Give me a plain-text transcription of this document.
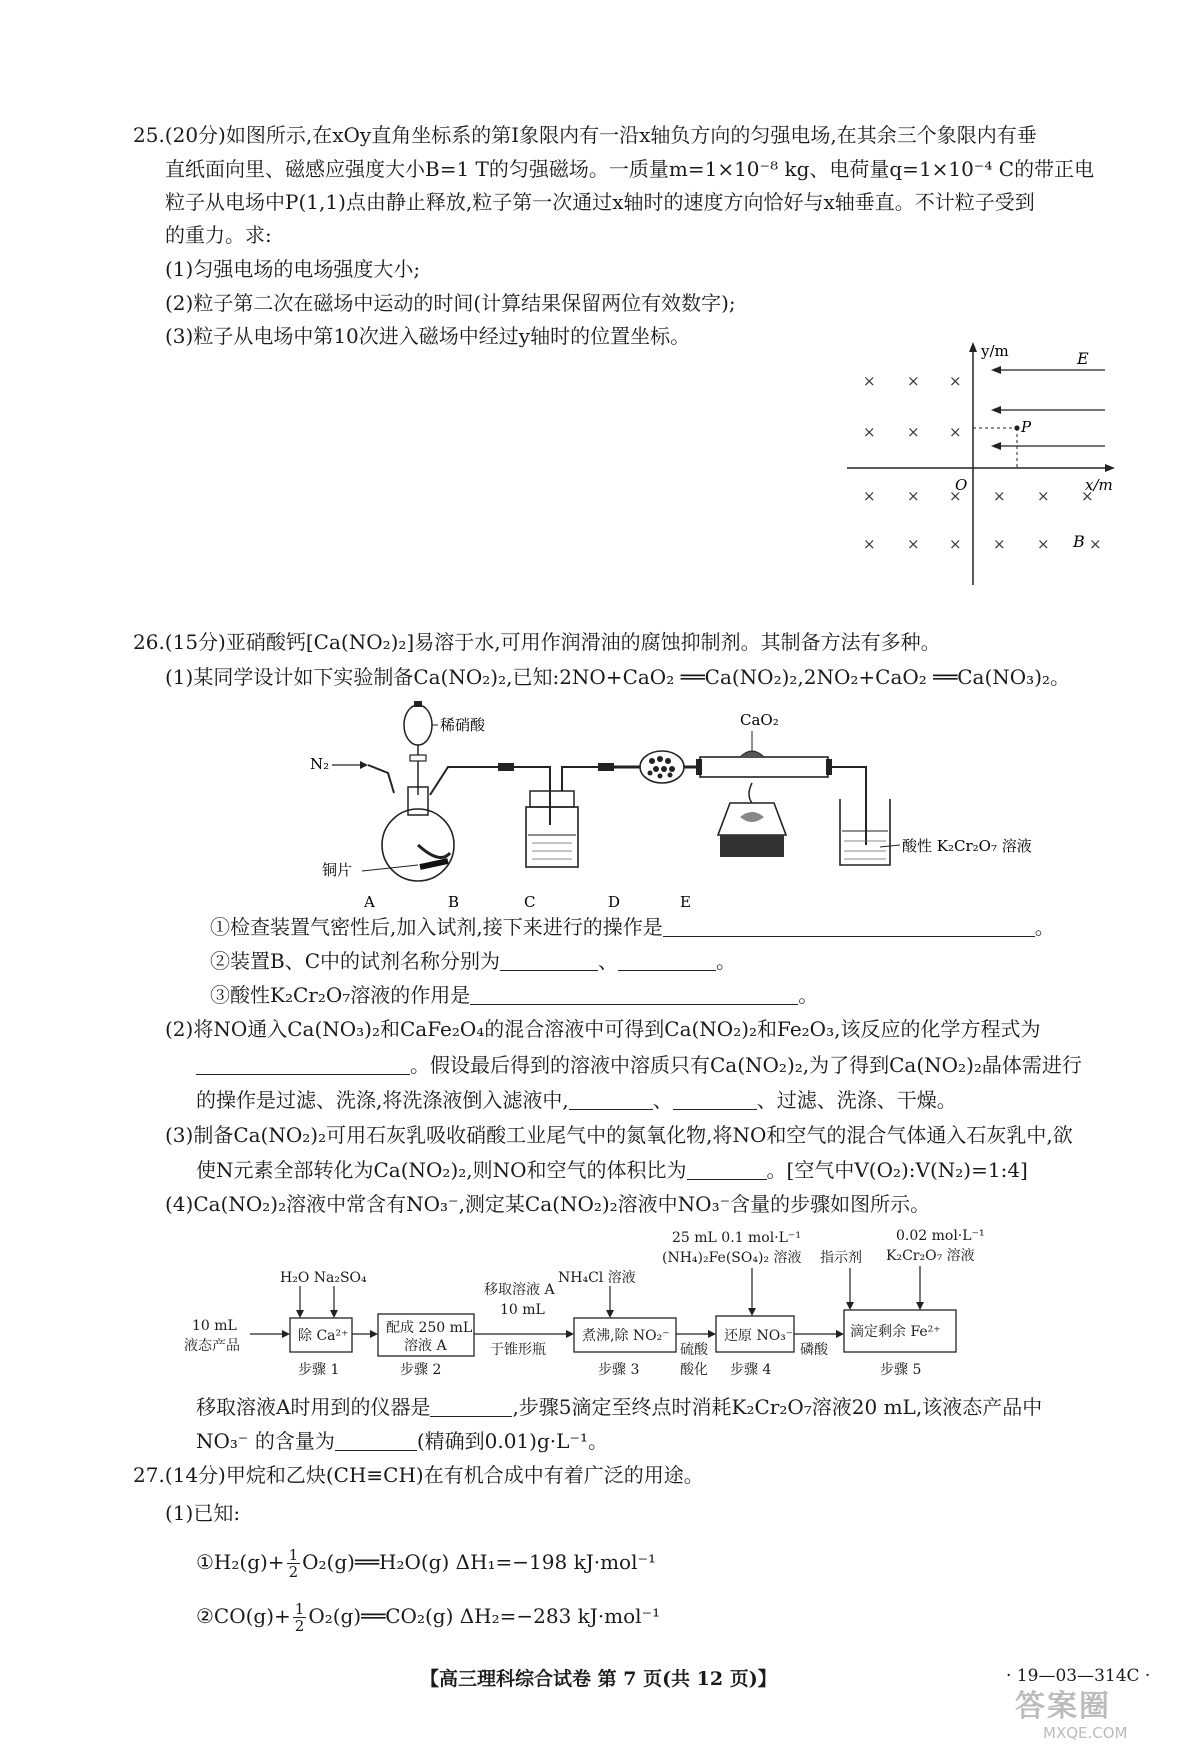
25.(20分)如图所示,在xOy直角坐标系的第Ⅰ象限内有一沿x轴负方向的匀强电场,在其余三个象限内有垂
直纸面向里、磁感应强度大小B=1 T的匀强磁场。一质量m=1×10⁻⁸ kg、电荷量q=1×10⁻⁴ C的带正电
粒子从电场中P(1,1)点由静止释放,粒子第一次通过x轴时的速度方向恰好与x轴垂直。不计粒子受到
的重力。求:
(1)匀强电场的电场强度大小;
(2)粒子第二次在磁场中运动的时间(计算结果保留两位有效数字);
(3)粒子从电场中第10次进入磁场中经过y轴时的位置坐标。
y/m
x/m
O
E
P
× × ×
× × ×
× × × × × ×
× × × × ×	×
B
26.(15分)亚硝酸钙[Ca(NO₂)₂]易溶于水,可用作润滑油的腐蚀抑制剂。其制备方法有多种。
(1)某同学设计如下实验制备Ca(NO₂)₂,已知:2NO+CaO₂ ══Ca(NO₂)₂,2NO₂+CaO₂ ══Ca(NO₃)₂。
N₂
稀硝酸
铜片
CaO₂
酸性 K₂Cr₂O₇ 溶液
A	B	C	D	E
①检查装置气密性后,加入试剂,接下来进行的操作是	。
②装置B、C中的试剂名称分别为	、	。
③酸性K₂Cr₂O₇溶液的作用是	。
(2)将NO通入Ca(NO₃)₂和CaFe₂O₄的混合溶液中可得到Ca(NO₂)₂和Fe₂O₃,该反应的化学方程式为
。假设最后得到的溶液中溶质只有Ca(NO₂)₂,为了得到Ca(NO₂)₂晶体需进行
的操作是过滤、洗涤,将洗涤液倒入滤液中,	、	、过滤、洗涤、干燥。
(3)制备Ca(NO₂)₂可用石灰乳吸收硝酸工业尾气中的氮氧化物,将NO和空气的混合气体通入石灰乳中,欲
使N元素全部转化为Ca(NO₂)₂,则NO和空气的体积比为	。[空气中V(O₂):V(N₂)=1:4]
(4)Ca(NO₂)₂溶液中常含有NO₃⁻,测定某Ca(NO₂)₂溶液中NO₃⁻含量的步骤如图所示。
10 mL
液态产品
H₂O Na₂SO₄
除 Ca²⁺
步骤 1
配成 250 mL
溶液 A
步骤 2
移取溶液 A
10 mL
于锥形瓶
NH₄Cl 溶液
煮沸,除 NO₂⁻
步骤 3
硫酸
酸化
25 mL 0.1 mol·L⁻¹
(NH₄)₂Fe(SO₄)₂ 溶液
还原 NO₃⁻
步骤 4
磷酸
指示剂
0.02 mol·L⁻¹
K₂Cr₂O₇ 溶液
滴定剩余 Fe²⁺
步骤 5
移取溶液A时用到的仪器是	,步骤5滴定至终点时消耗K₂Cr₂O₇溶液20 mL,该液态产品中
NO₃⁻ 的含量为	(精确到0.01)g·L⁻¹。
27.(14分)甲烷和乙炔(CH≡CH)在有机合成中有着广泛的用途。
(1)已知:
①H₂(g)+ $\frac{1}{2}$ O₂(g)══H₂O(g) ΔH₁=−198 kJ·mol⁻¹
②CO(g)+ $\frac{1}{2}$ O₂(g)══CO₂(g) ΔH₂=−283 kJ·mol⁻¹
【高三理科综合试卷 第 7 页(共 12 页)】	· 19—03—314C ·
答案圈
MXQE.COM
